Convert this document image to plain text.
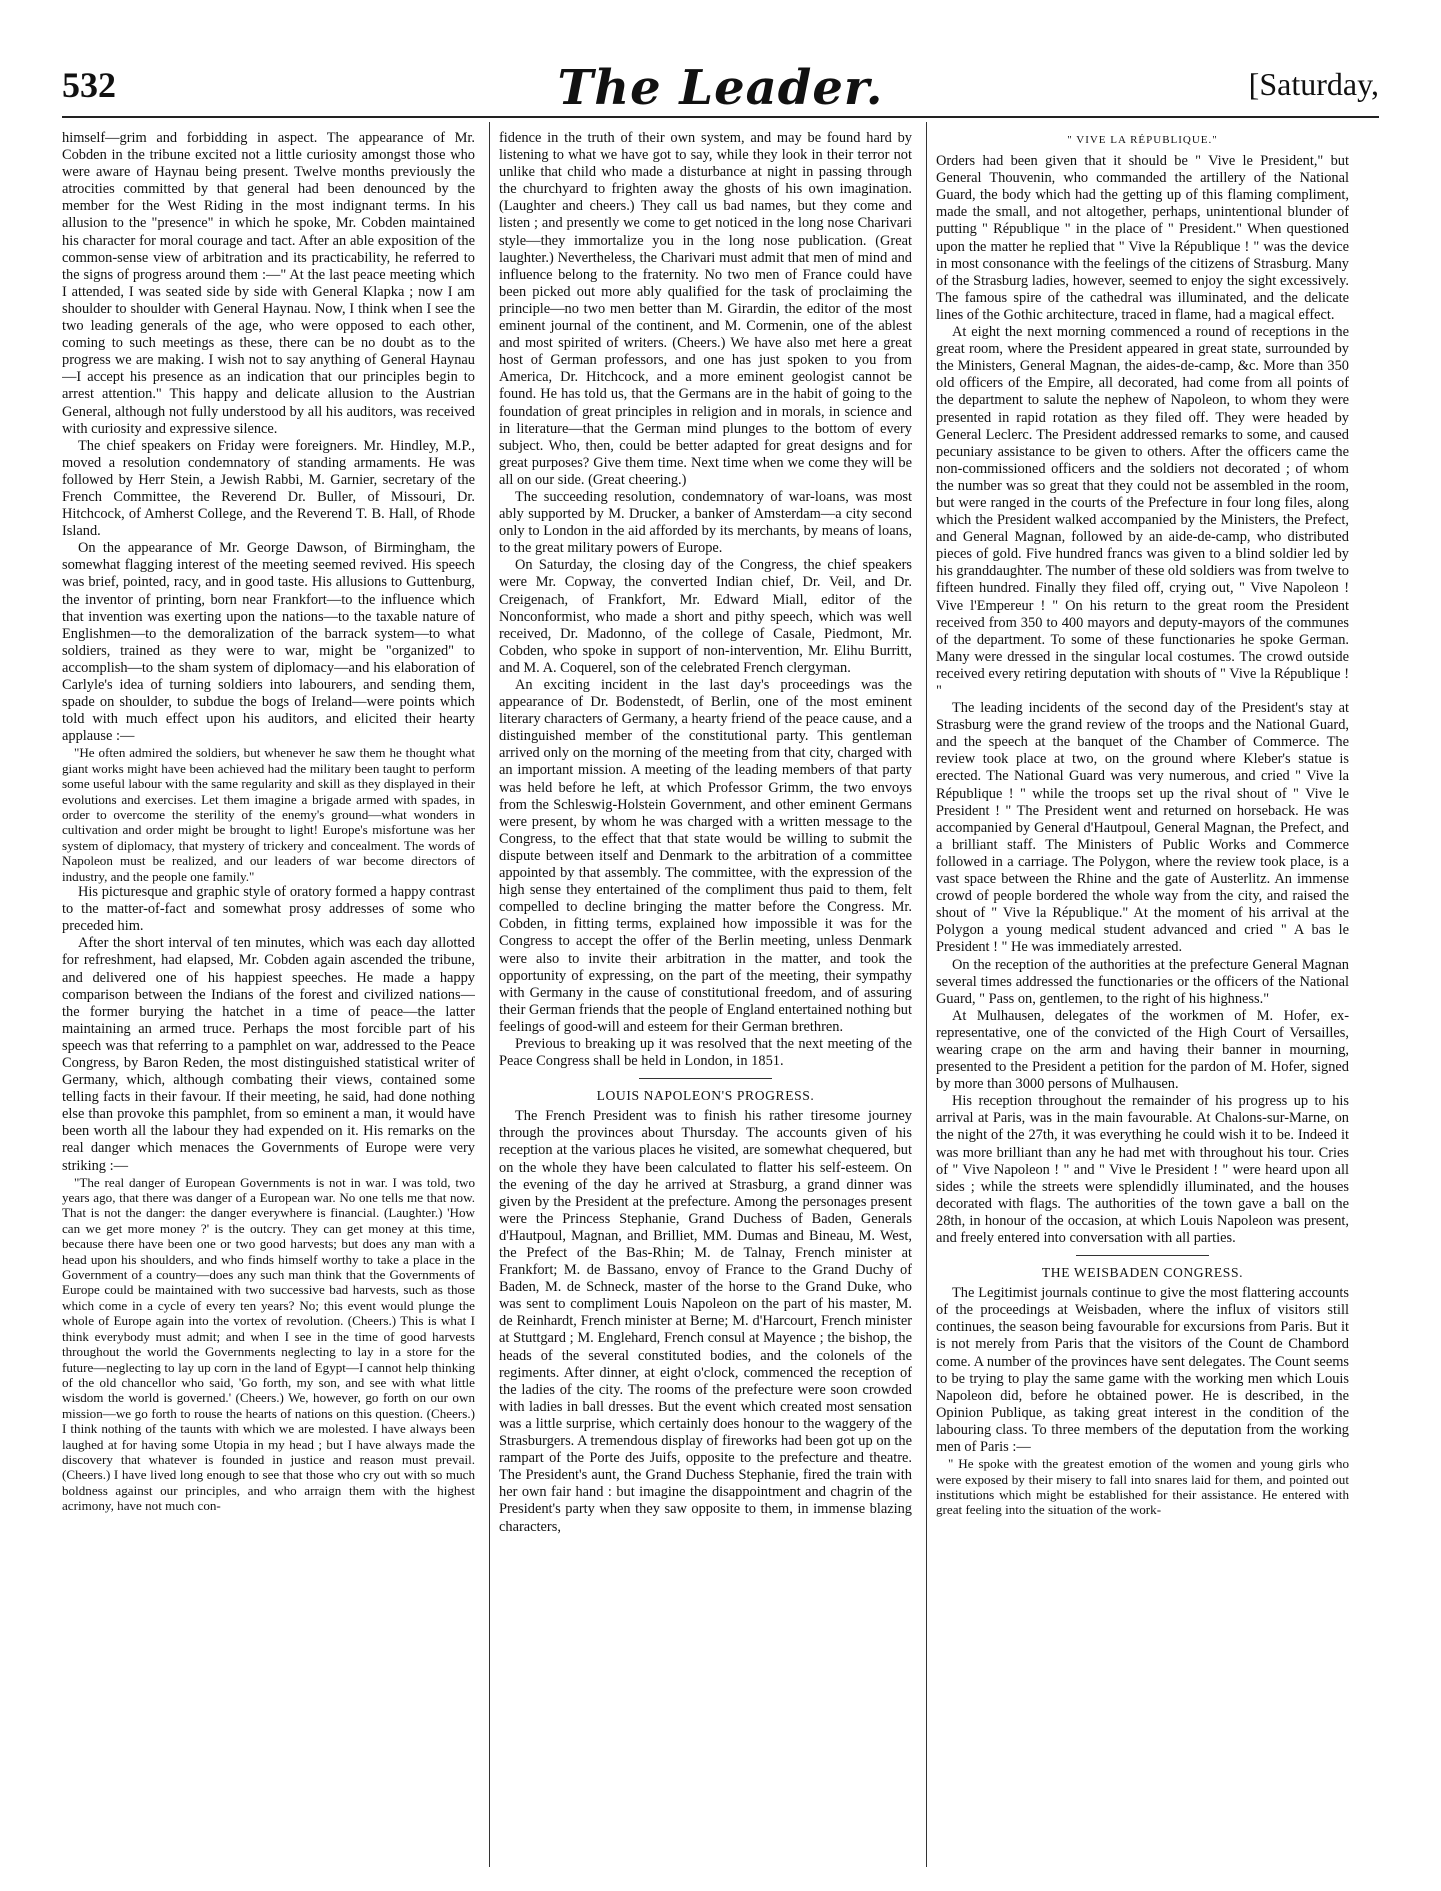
532	The Leader.	[Saturday,

himself—grim and forbidding in aspect. The appearance of Mr. Cobden in the tribune excited not a little curiosity amongst those who were aware of Haynau being present. Twelve months previously the atrocities committed by that general had been denounced by the member for the West Riding in the most indignant terms. In his allusion to the "presence" in which he spoke, Mr. Cobden maintained his character for moral courage and tact. After an able exposition of the common-sense view of arbitration and its practicability, he referred to the signs of progress around them :—" At the last peace meeting which I attended, I was seated side by side with General Klapka ; now I am shoulder to shoulder with General Haynau. Now, I think when I see the two leading generals of the age, who were opposed to each other, coming to such meetings as these, there can be no doubt as to the progress we are making. I wish not to say anything of General Haynau—I accept his presence as an indication that our principles begin to arrest attention." This happy and delicate allusion to the Austrian General, although not fully understood by all his auditors, was received with curiosity and expressive silence.

The chief speakers on Friday were foreigners. Mr. Hindley, M.P., moved a resolution condemnatory of standing armaments. He was followed by Herr Stein, a Jewish Rabbi, M. Garnier, secretary of the French Committee, the Reverend Dr. Buller, of Missouri, Dr. Hitchcock, of Amherst College, and the Reverend T. B. Hall, of Rhode Island.

On the appearance of Mr. George Dawson, of Birmingham, the somewhat flagging interest of the meeting seemed revived. His speech was brief, pointed, racy, and in good taste. His allusions to Guttenburg, the inventor of printing, born near Frankfort—to the influence which that invention was exerting upon the nations—to the taxable nature of Englishmen—to the demoralization of the barrack system—to what soldiers, trained as they were to war, might be "organized" to accomplish—to the sham system of diplomacy—and his elaboration of Carlyle's idea of turning soldiers into labourers, and sending them, spade on shoulder, to subdue the bogs of Ireland—were points which told with much effect upon his auditors, and elicited their hearty applause :—

"He often admired the soldiers, but whenever he saw them he thought what giant works might have been achieved had the military been taught to perform some useful labour with the same regularity and skill as they displayed in their evolutions and exercises. Let them imagine a brigade armed with spades, in order to overcome the sterility of the enemy's ground—what wonders in cultivation and order might be brought to light! Europe's misfortune was her system of diplomacy, that mystery of trickery and concealment. The words of Napoleon must be realized, and our leaders of war become directors of industry, and the people one family."

His picturesque and graphic style of oratory formed a happy contrast to the matter-of-fact and somewhat prosy addresses of some who preceded him.

After the short interval of ten minutes, which was each day allotted for refreshment, had elapsed, Mr. Cobden again ascended the tribune, and delivered one of his happiest speeches. He made a happy comparison between the Indians of the forest and civilized nations—the former burying the hatchet in a time of peace—the latter maintaining an armed truce. Perhaps the most forcible part of his speech was that referring to a pamphlet on war, addressed to the Peace Congress, by Baron Reden, the most distinguished statistical writer of Germany, which, although combating their views, contained some telling facts in their favour. If their meeting, he said, had done nothing else than provoke this pamphlet, from so eminent a man, it would have been worth all the labour they had expended on it. His remarks on the real danger which menaces the Governments of Europe were very striking :—

"The real danger of European Governments is not in war. I was told, two years ago, that there was danger of a European war. No one tells me that now. That is not the danger: the danger everywhere is financial. (Laughter.) 'How can we get more money ?' is the outcry. They can get money at this time, because there have been one or two good harvests; but does any man with a head upon his shoulders, and who finds himself worthy to take a place in the Government of a country—does any such man think that the Governments of Europe could be maintained with two successive bad harvests, such as those which come in a cycle of every ten years? No; this event would plunge the whole of Europe again into the vortex of revolution. (Cheers.) This is what I think everybody must admit; and when I see in the time of good harvests throughout the world the Governments neglecting to lay in a store for the future—neglecting to lay up corn in the land of Egypt—I cannot help thinking of the old chancellor who said, 'Go forth, my son, and see with what little wisdom the world is governed.' (Cheers.) We, however, go forth on our own mission—we go forth to rouse the hearts of nations on this question. (Cheers.) I think nothing of the taunts with which we are molested. I have always been laughed at for having some Utopia in my head ; but I have always made the discovery that whatever is founded in justice and reason must prevail. (Cheers.) I have lived long enough to see that those who cry out with so much boldness against our principles, and who arraign them with the highest acrimony, have not much con-

fidence in the truth of their own system, and may be found hard by listening to what we have got to say, while they look in their terror not unlike that child who made a disturbance at night in passing through the churchyard to frighten away the ghosts of his own imagination. (Laughter and cheers.) They call us bad names, but they come and listen ; and presently we come to get noticed in the long nose Charivari style—they immortalize you in the long nose publication. (Great laughter.) Nevertheless, the Charivari must admit that men of mind and influence belong to the fraternity. No two men of France could have been picked out more ably qualified for the task of proclaiming the principle—no two men better than M. Girardin, the editor of the most eminent journal of the continent, and M. Cormenin, one of the ablest and most spirited of writers. (Cheers.) We have also met here a great host of German professors, and one has just spoken to you from America, Dr. Hitchcock, and a more eminent geologist cannot be found. He has told us, that the Germans are in the habit of going to the foundation of great principles in religion and in morals, in science and in literature—that the German mind plunges to the bottom of every subject. Who, then, could be better adapted for great designs and for great purposes? Give them time. Next time when we come they will be all on our side. (Great cheering.)

The succeeding resolution, condemnatory of war-loans, was most ably supported by M. Drucker, a banker of Amsterdam—a city second only to London in the aid afforded by its merchants, by means of loans, to the great military powers of Europe.

On Saturday, the closing day of the Congress, the chief speakers were Mr. Copway, the converted Indian chief, Dr. Veil, and Dr. Creigenach, of Frankfort, Mr. Edward Miall, editor of the Nonconformist, who made a short and pithy speech, which was well received, Dr. Madonno, of the college of Casale, Piedmont, Mr. Cobden, who spoke in support of non-intervention, Mr. Elihu Burritt, and M. A. Coquerel, son of the celebrated French clergyman.

An exciting incident in the last day's proceedings was the appearance of Dr. Bodenstedt, of Berlin, one of the most eminent literary characters of Germany, a hearty friend of the peace cause, and a distinguished member of the constitutional party. This gentleman arrived only on the morning of the meeting from that city, charged with an important mission. A meeting of the leading members of that party was held before he left, at which Professor Grimm, the two envoys from the Schleswig-Holstein Government, and other eminent Germans were present, by whom he was charged with a written message to the Congress, to the effect that that state would be willing to submit the dispute between itself and Denmark to the arbitration of a committee appointed by that assembly. The committee, with the expression of the high sense they entertained of the compliment thus paid to them, felt compelled to decline bringing the matter before the Congress. Mr. Cobden, in fitting terms, explained how impossible it was for the Congress to accept the offer of the Berlin meeting, unless Denmark were also to invite their arbitration in the matter, and took the opportunity of expressing, on the part of the meeting, their sympathy with Germany in the cause of constitutional freedom, and of assuring their German friends that the people of England entertained nothing but feelings of good-will and esteem for their German brethren.

Previous to breaking up it was resolved that the next meeting of the Peace Congress shall be held in London, in 1851.

LOUIS NAPOLEON'S PROGRESS.

The French President was to finish his rather tiresome journey through the provinces about Thursday. The accounts given of his reception at the various places he visited, are somewhat chequered, but on the whole they have been calculated to flatter his self-esteem. On the evening of the day he arrived at Strasburg, a grand dinner was given by the President at the prefecture. Among the personages present were the Princess Stephanie, Grand Duchess of Baden, Generals d'Hautpoul, Magnan, and Brilliet, MM. Dumas and Bineau, M. West, the Prefect of the Bas-Rhin; M. de Talnay, French minister at Frankfort; M. de Bassano, envoy of France to the Grand Duchy of Baden, M. de Schneck, master of the horse to the Grand Duke, who was sent to compliment Louis Napoleon on the part of his master, M. de Reinhardt, French minister at Berne; M. d'Harcourt, French minister at Stuttgard ; M. Englehard, French consul at Mayence ; the bishop, the heads of the several constituted bodies, and the colonels of the regiments. After dinner, at eight o'clock, commenced the reception of the ladies of the city. The rooms of the prefecture were soon crowded with ladies in ball dresses. But the event which created most sensation was a little surprise, which certainly does honour to the waggery of the Strasburgers. A tremendous display of fireworks had been got up on the rampart of the Porte des Juifs, opposite to the prefecture and theatre. The President's aunt, the Grand Duchess Stephanie, fired the train with her own fair hand : but imagine the disappointment and chagrin of the President's party when they saw opposite to them, in immense blazing characters,

" VIVE LA RÉPUBLIQUE."

Orders had been given that it should be " Vive le President," but General Thouvenin, who commanded the artillery of the National Guard, the body which had the getting up of this flaming compliment, made the small, and not altogether, perhaps, unintentional blunder of putting " République " in the place of " President." When questioned upon the matter he replied that " Vive la République ! " was the device in most consonance with the feelings of the citizens of Strasburg. Many of the Strasburg ladies, however, seemed to enjoy the sight excessively. The famous spire of the cathedral was illuminated, and the delicate lines of the Gothic architecture, traced in flame, had a magical effect.

At eight the next morning commenced a round of receptions in the great room, where the President appeared in great state, surrounded by the Ministers, General Magnan, the aides-de-camp, &c. More than 350 old officers of the Empire, all decorated, had come from all points of the department to salute the nephew of Napoleon, to whom they were presented in rapid rotation as they filed off. They were headed by General Leclerc. The President addressed remarks to some, and caused pecuniary assistance to be given to others. After the officers came the non-commissioned officers and the soldiers not decorated ; of whom the number was so great that they could not be assembled in the room, but were ranged in the courts of the Prefecture in four long files, along which the President walked accompanied by the Ministers, the Prefect, and General Magnan, followed by an aide-de-camp, who distributed pieces of gold. Five hundred francs was given to a blind soldier led by his granddaughter. The number of these old soldiers was from twelve to fifteen hundred. Finally they filed off, crying out, " Vive Napoleon ! Vive l'Empereur ! " On his return to the great room the President received from 350 to 400 mayors and deputy-mayors of the communes of the department. To some of these functionaries he spoke German. Many were dressed in the singular local costumes. The crowd outside received every retiring deputation with shouts of " Vive la République ! "

The leading incidents of the second day of the President's stay at Strasburg were the grand review of the troops and the National Guard, and the speech at the banquet of the Chamber of Commerce. The review took place at two, on the ground where Kleber's statue is erected. The National Guard was very numerous, and cried " Vive la République ! " while the troops set up the rival shout of " Vive le President ! " The President went and returned on horseback. He was accompanied by General d'Hautpoul, General Magnan, the Prefect, and a brilliant staff. The Ministers of Public Works and Commerce followed in a carriage. The Polygon, where the review took place, is a vast space between the Rhine and the gate of Austerlitz. An immense crowd of people bordered the whole way from the city, and raised the shout of " Vive la République." At the moment of his arrival at the Polygon a young medical student advanced and cried " A bas le President ! " He was immediately arrested.

On the reception of the authorities at the prefecture General Magnan several times addressed the functionaries or the officers of the National Guard, " Pass on, gentlemen, to the right of his highness."

At Mulhausen, delegates of the workmen of M. Hofer, ex-representative, one of the convicted of the High Court of Versailles, wearing crape on the arm and having their banner in mourning, presented to the President a petition for the pardon of M. Hofer, signed by more than 3000 persons of Mulhausen.

His reception throughout the remainder of his progress up to his arrival at Paris, was in the main favourable. At Chalons-sur-Marne, on the night of the 27th, it was everything he could wish it to be. Indeed it was more brilliant than any he had met with throughout his tour. Cries of " Vive Napoleon ! " and " Vive le President ! " were heard upon all sides ; while the streets were splendidly illuminated, and the houses decorated with flags. The authorities of the town gave a ball on the 28th, in honour of the occasion, at which Louis Napoleon was present, and freely entered into conversation with all parties.

THE WEISBADEN CONGRESS.

The Legitimist journals continue to give the most flattering accounts of the proceedings at Weisbaden, where the influx of visitors still continues, the season being favourable for excursions from Paris. But it is not merely from Paris that the visitors of the Count de Chambord come. A number of the provinces have sent delegates. The Count seems to be trying to play the same game with the working men which Louis Napoleon did, before he obtained power. He is described, in the Opinion Publique, as taking great interest in the condition of the labouring class. To three members of the deputation from the working men of Paris :—

" He spoke with the greatest emotion of the women and young girls who were exposed by their misery to fall into snares laid for them, and pointed out institutions which might be established for their assistance. He entered with great feeling into the situation of the work-
